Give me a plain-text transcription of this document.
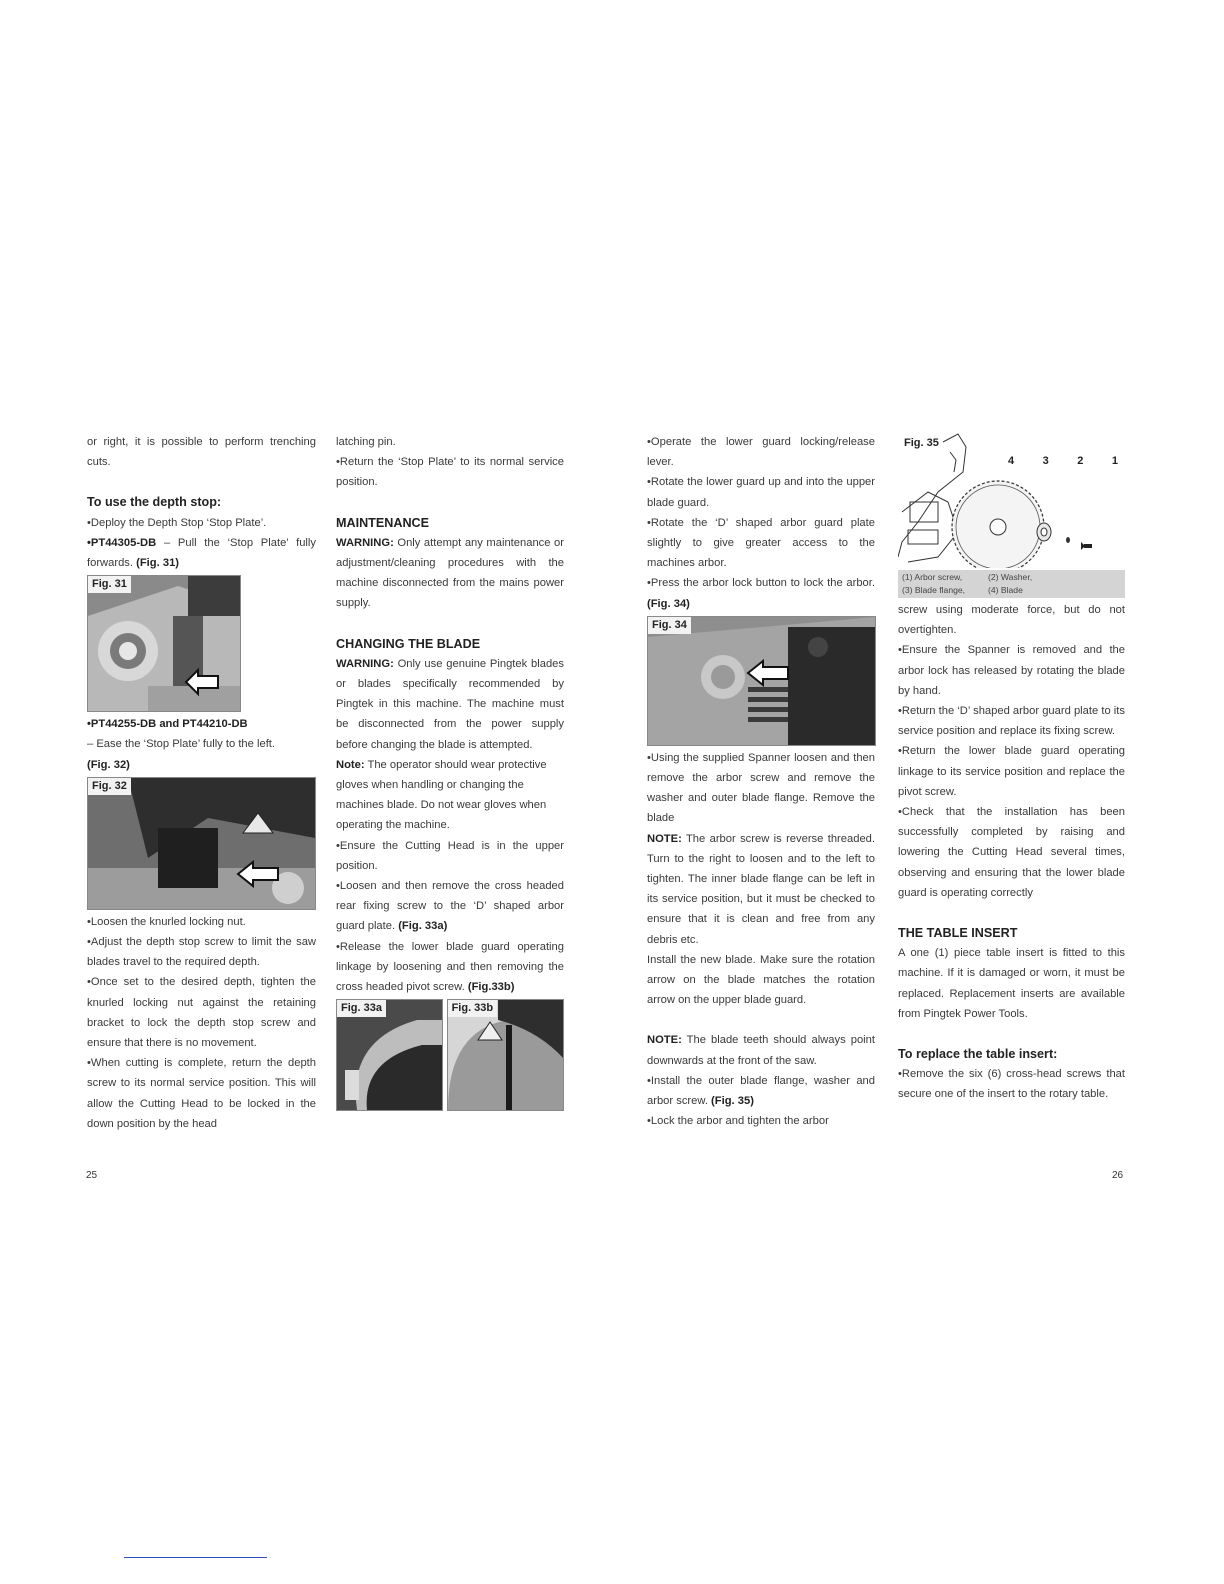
or right, it is possible to perform trenching cuts.

To use the depth stop:

•Deploy the Depth Stop ‘Stop Plate’.

•PT44305-DB – Pull the ‘Stop Plate’ fully forwards. (Fig. 31)

Fig. 31

•PT44255-DB and PT44210-DB

– Ease the ‘Stop Plate’ fully to the left.

(Fig. 32)

Fig. 32

•Loosen the knurled locking nut.

•Adjust the depth stop screw to limit the saw blades travel to the required depth.

•Once set to the desired depth, tighten the knurled locking nut against the retaining bracket to lock the depth stop screw and ensure that there is no movement.

•When cutting is complete, return the depth screw to its normal service position. This will allow the Cutting Head to be locked in the down position by the head

latching pin.

•Return the ‘Stop Plate’ to its normal service position.

MAINTENANCE

WARNING: Only attempt any maintenance or adjustment/cleaning procedures with the machine disconnected from the mains power supply.

CHANGING THE BLADE

WARNING: Only use genuine Pingtek blades or blades specifically recommended by Pingtek in this machine. The machine must be disconnected from the power supply before changing the blade is attempted.

Note: The operator should wear protective gloves when handling or changing the machines blade. Do not wear gloves when operating the machine.

•Ensure the Cutting Head is in the upper position.

•Loosen and then remove the cross headed rear fixing screw to the ‘D’ shaped arbor guard plate. (Fig. 33a)

•Release the lower blade guard operating linkage by loosening and then removing the cross headed pivot screw. (Fig.33b)

Fig. 33a	Fig. 33b
25

•Operate the lower guard locking/release lever.

•Rotate the lower guard up and into the upper blade guard.

•Rotate the ‘D’ shaped arbor guard plate slightly to give greater access to the machines arbor.

•Press the arbor lock button to lock the arbor. (Fig. 34)

Fig. 34

•Using the supplied Spanner loosen and then remove the arbor screw and remove the washer and outer blade flange. Remove the blade

NOTE: The arbor screw is reverse threaded. Turn to the right to loosen and to the left to tighten. The inner blade flange can be left in its service position, but it must be checked to ensure that it is clean and free from any debris etc.

Install the new blade. Make sure the rotation arrow on the blade matches the rotation arrow on the upper blade guard.

NOTE: The blade teeth should always point downwards at the front of the saw.

•Install the outer blade flange, washer and arbor screw. (Fig. 35)

•Lock the arbor and tighten the arbor

Fig. 35
4	3	2	1
(1) Arbor screw,	(2) Washer,
(3) Blade flange,	(4) Blade

screw using moderate force, but do not overtighten.

•Ensure the Spanner is removed and the arbor lock has released by rotating the blade by hand.

•Return the ‘D’ shaped arbor guard plate to its service position and replace its fixing screw.

•Return the lower blade guard operating linkage to its service position and replace the pivot screw.

•Check that the installation has been successfully completed by raising and lowering the Cutting Head several times, observing and ensuring that the lower blade guard is operating correctly

THE TABLE INSERT

A one (1) piece table insert is fitted to this machine. If it is damaged or worn, it must be replaced. Replacement inserts are available from Pingtek Power Tools.

To replace the table insert:

•Remove the six (6) cross-head screws that secure one of the insert to the rotary table.

26
